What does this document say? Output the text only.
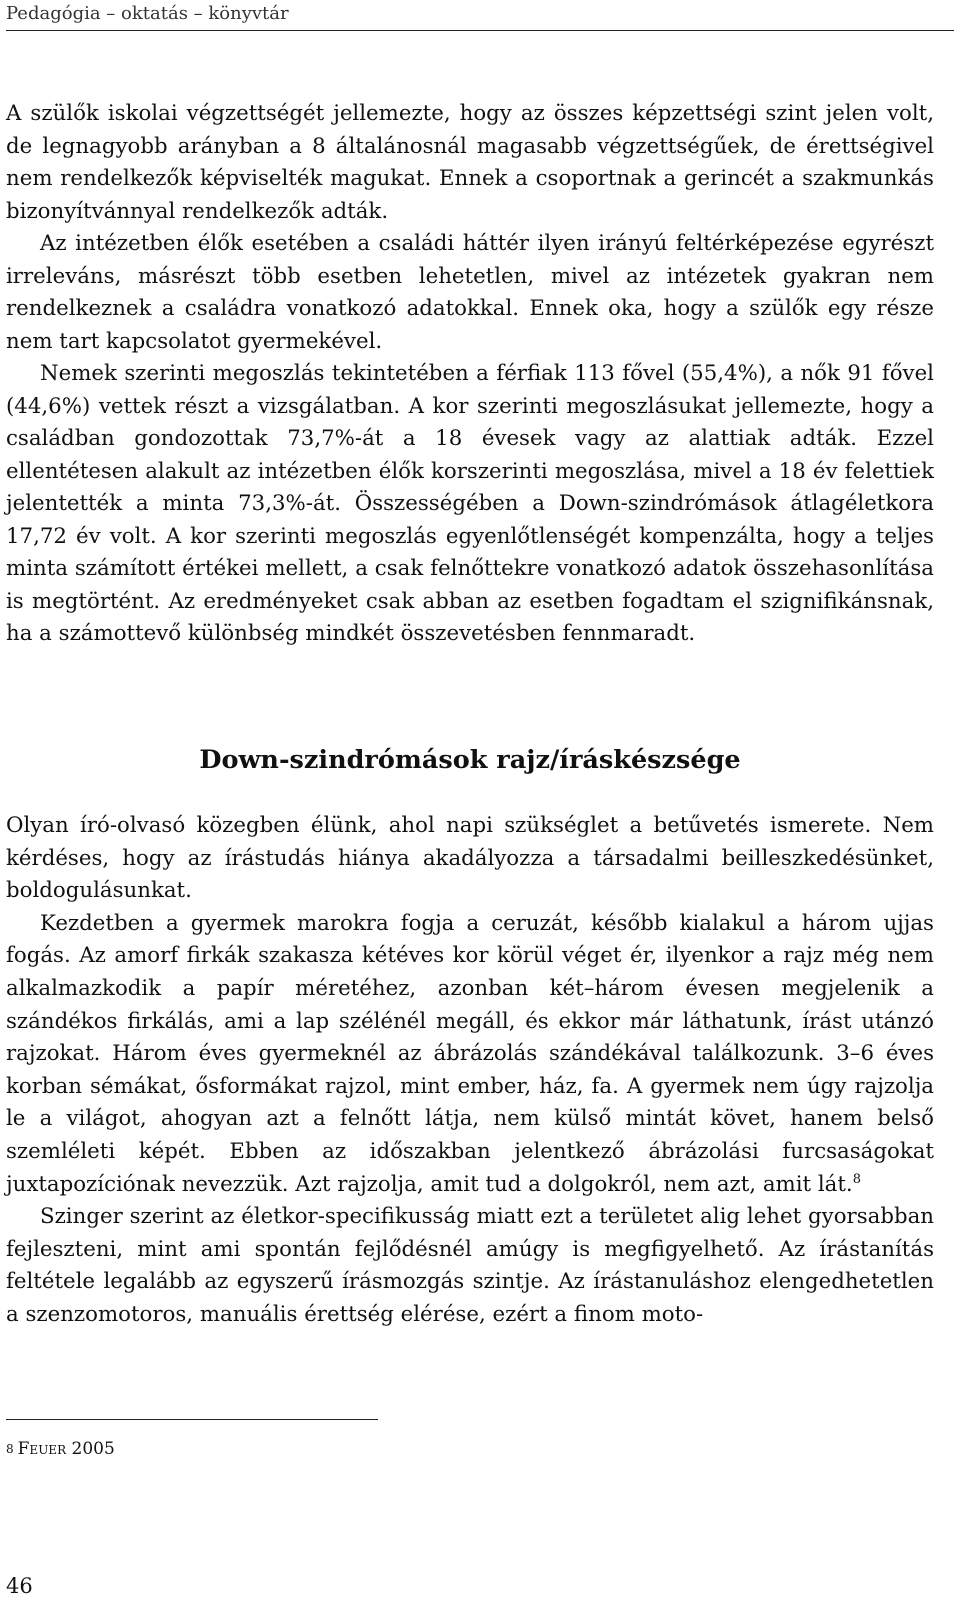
Pedagógia – oktatás – könyvtár

A szülők iskolai végzettségét jellemezte, hogy az összes képzettségi szint jelen volt, de legnagyobb arányban a 8 általánosnál magasabb végzettségűek, de érettségivel nem rendelkezők képviselték magukat. Ennek a csoportnak a gerincét a szakmunkás bizonyítvánnyal rendelkezők adták.

Az intézetben élők esetében a családi háttér ilyen irányú feltérképezése egyrészt irreleváns, másrészt több esetben lehetetlen, mivel az intézetek gyakran nem rendelkeznek a családra vonatkozó adatokkal. Ennek oka, hogy a szülők egy része nem tart kapcsolatot gyermekével.

Nemek szerinti megoszlás tekintetében a férfiak 113 fővel (55,4%), a nők 91 fővel (44,6%) vettek részt a vizsgálatban. A kor szerinti megoszlásukat jellemezte, hogy a családban gondozottak 73,7%-át a 18 évesek vagy az alattiak adták. Ezzel ellentétesen alakult az intézetben élők korszerinti megoszlása, mivel a 18 év felettiek jelentették a minta 73,3%-át. Összességében a Down-szindrómások átlagéletkora 17,72 év volt. A kor szerinti megoszlás egyenlőtlenségét kompenzálta, hogy a teljes minta számított értékei mellett, a csak felnőttekre vonatkozó adatok összehasonlítása is megtörtént. Az eredményeket csak abban az esetben fogadtam el szignifikánsnak, ha a számottevő különbség mindkét összevetésben fennmaradt.

Down-szindrómások rajz/íráskészsége

Olyan író-olvasó közegben élünk, ahol napi szükséglet a betűvetés ismerete. Nem kérdéses, hogy az írástudás hiánya akadályozza a társadalmi beilleszkedésünket, boldogulásunkat.

Kezdetben a gyermek marokra fogja a ceruzát, később kialakul a három ujjas fogás. Az amorf firkák szakasza kétéves kor körül véget ér, ilyenkor a rajz még nem alkalmazkodik a papír méretéhez, azonban két–három évesen megjelenik a szándékos firkálás, ami a lap szélénél megáll, és ekkor már láthatunk, írást utánzó rajzokat. Három éves gyermeknél az ábrázolás szándékával találkozunk. 3–6 éves korban sémákat, ősformákat rajzol, mint ember, ház, fa. A gyermek nem úgy rajzolja le a világot, ahogyan azt a felnőtt látja, nem külső mintát követ, hanem belső szemléleti képét. Ebben az időszakban jelentkező ábrázolási furcsaságokat juxtapozíciónak nevezzük. Azt rajzolja, amit tud a dolgokról, nem azt, amit lát.$^8$

Szinger szerint az életkor-specifikusság miatt ezt a területet alig lehet gyorsabban fejleszteni, mint ami spontán fejlődésnél amúgy is megfigyelhető. Az írástanítás feltétele legalább az egyszerű írásmozgás szintje. Az írástanuláshoz elengedhetetlen a szenzomotoros, manuális érettség elérése, ezért a finom moto-

$^8$ Feuer 2005
46
